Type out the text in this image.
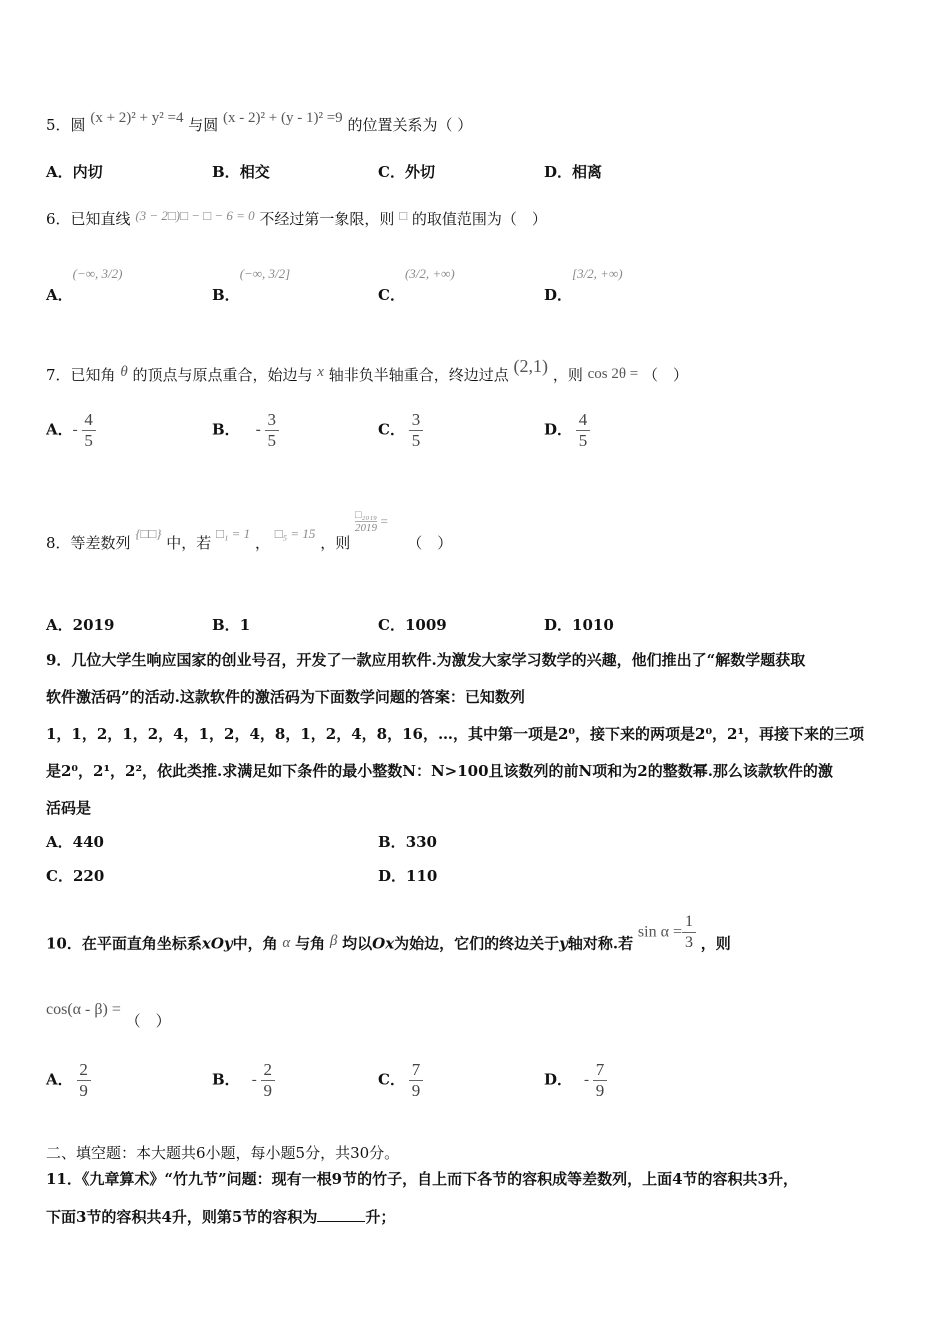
5．圆 (x + 2)² + y² =4 与圆 (x - 2)² + (y - 1)² =9 的位置关系为（ ）
A．内切	B．相交	C．外切	D．相离
6．已知直线 (3 − 2□)□ − □ − 6 = 0 不经过第一象限，则 □ 的取值范围为（　）
A．(−∞, 3/2)
B．(−∞, 3/2]
C．(3/2, +∞)
D．[3/2, +∞)
7．已知角 θ 的顶点与原点重合，始边与 x 轴非负半轴重合，终边过点 (2,1) ，则 cos 2θ = （　）
A．- $\frac{4}{5}$	B． - $\frac{3}{5}$	C． $\frac{3}{5}$	D． $\frac{4}{5}$
8．等差数列 {□□} 中，若 □₁ = 1 ， □₅ = 15 ，则
□₂₀₁₉
2019 = （　）
A．2019	B．1	C．1009	D．1010
9．几位大学生响应国家的创业号召，开发了一款应用软件.为激发大家学习数学的兴趣，他们推出了“解数学题获取
软件激活码”的活动.这款软件的激活码为下面数学问题的答案：已知数列
1，1，2，1，2，4，1，2，4，8，1，2，4，8，16，…，其中第一项是2⁰，接下来的两项是2⁰，2¹，再接下来的三项
是2⁰，2¹，2²，依此类推.求满足如下条件的最小整数N：N>100且该数列的前N项和为2的整数幂.那么该款软件的激
活码是
A．440	B．330
C．220	D．110
10．在平面直角坐标系xOy中，角 α 与角 β 均以Ox为始边，它们的终边关于y轴对称.若 $\sin \alpha = \frac{1}{3}$ ，则
cos(α - β) = （　）
A． $\frac{2}{9}$	B． - $\frac{2}{9}$	C． $\frac{7}{9}$	D． - $\frac{7}{9}$
二、填空题：本大题共6小题，每小题5分，共30分。
11．《九章算术》“竹九节”问题：现有一根9节的竹子，自上而下各节的容积成等差数列，上面4节的容积共3升，
下面3节的容积共4升，则第5节的容积为	升；
